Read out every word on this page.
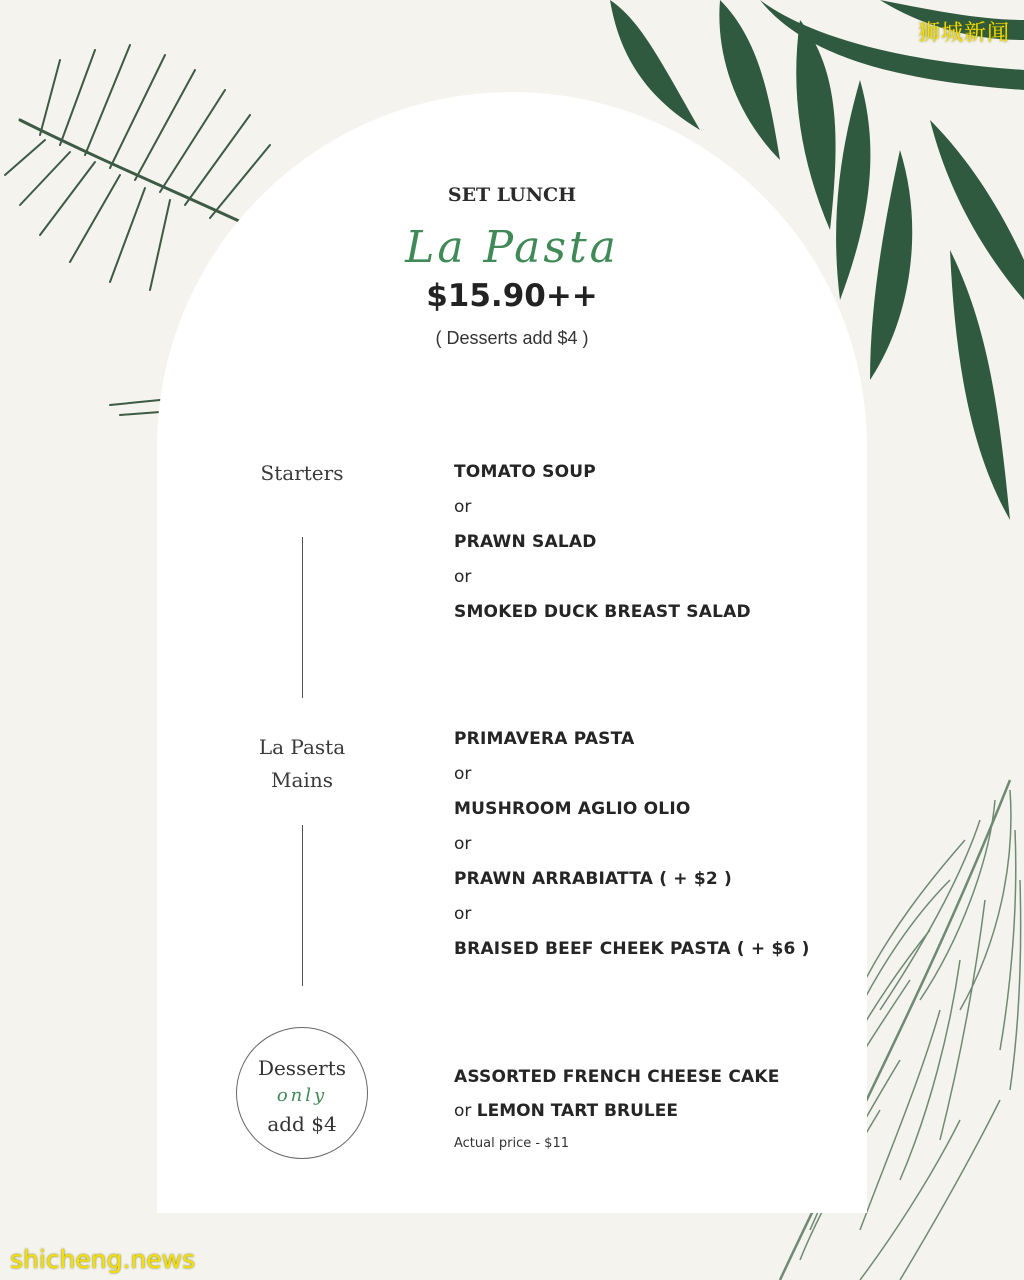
狮城新闻
shicheng.news
SET LUNCH
La Pasta
$15.90++
( Desserts add $4 )
Starters	TOMATO SOUP
or
PRAWN SALAD
or
SMOKED DUCK BREAST SALAD
La Pasta
Mains
PRIMAVERA PASTA
or
MUSHROOM AGLIO OLIO
or
PRAWN ARRABIATTA ( + $2 )
or
BRAISED BEEF CHEEK PASTA ( + $6 )
Desserts
only
add $4
ASSORTED FRENCH CHEESE CAKE
or LEMON TART BRULEE
Actual price - $11
